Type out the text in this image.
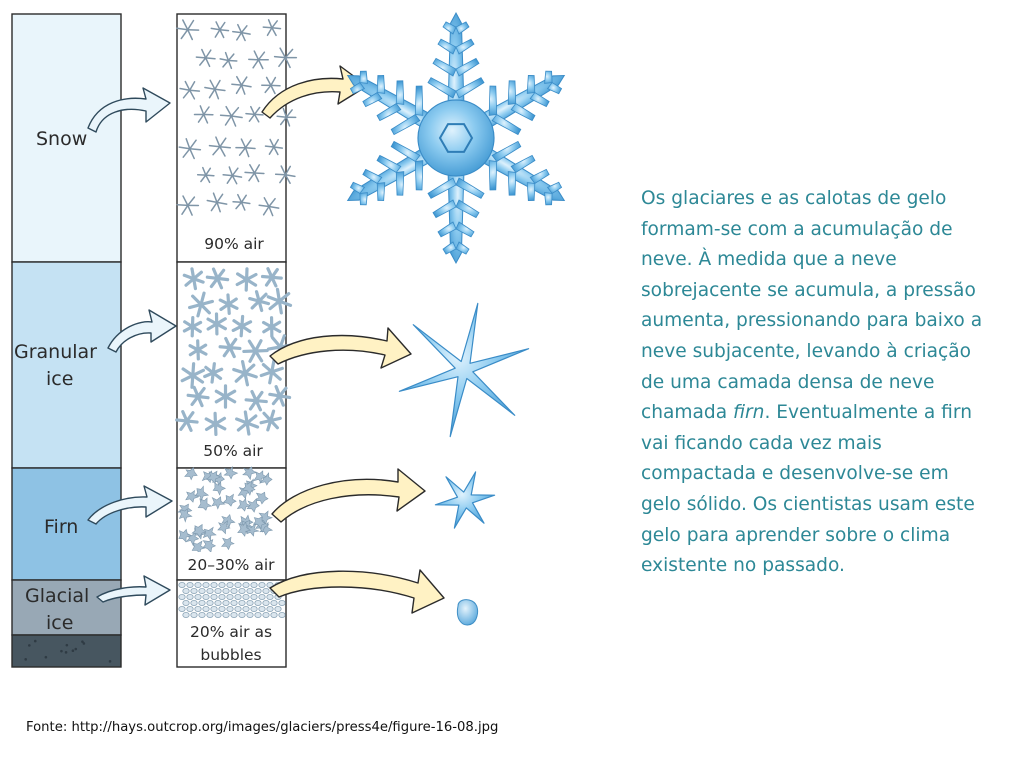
Snow
Granular
ice
Firn
Glacial
ice
90% air
50% air
20–30% air
20% air as
bubbles

Os glaciares e as calotas de gelo formam-se com a acumulação de neve. À medida que a neve sobrejacente se acumula, a pressão aumenta, pressionando para baixo a neve subjacente, levando à criação de uma camada densa de neve chamada firn. Eventualmente a firn vai ficando cada vez mais compactada e desenvolve-se em gelo sólido. Os cientistas usam este gelo para aprender sobre o clima existente no passado.

Fonte: http://hays.outcrop.org/images/glaciers/press4e/figure-16-08.jpg
